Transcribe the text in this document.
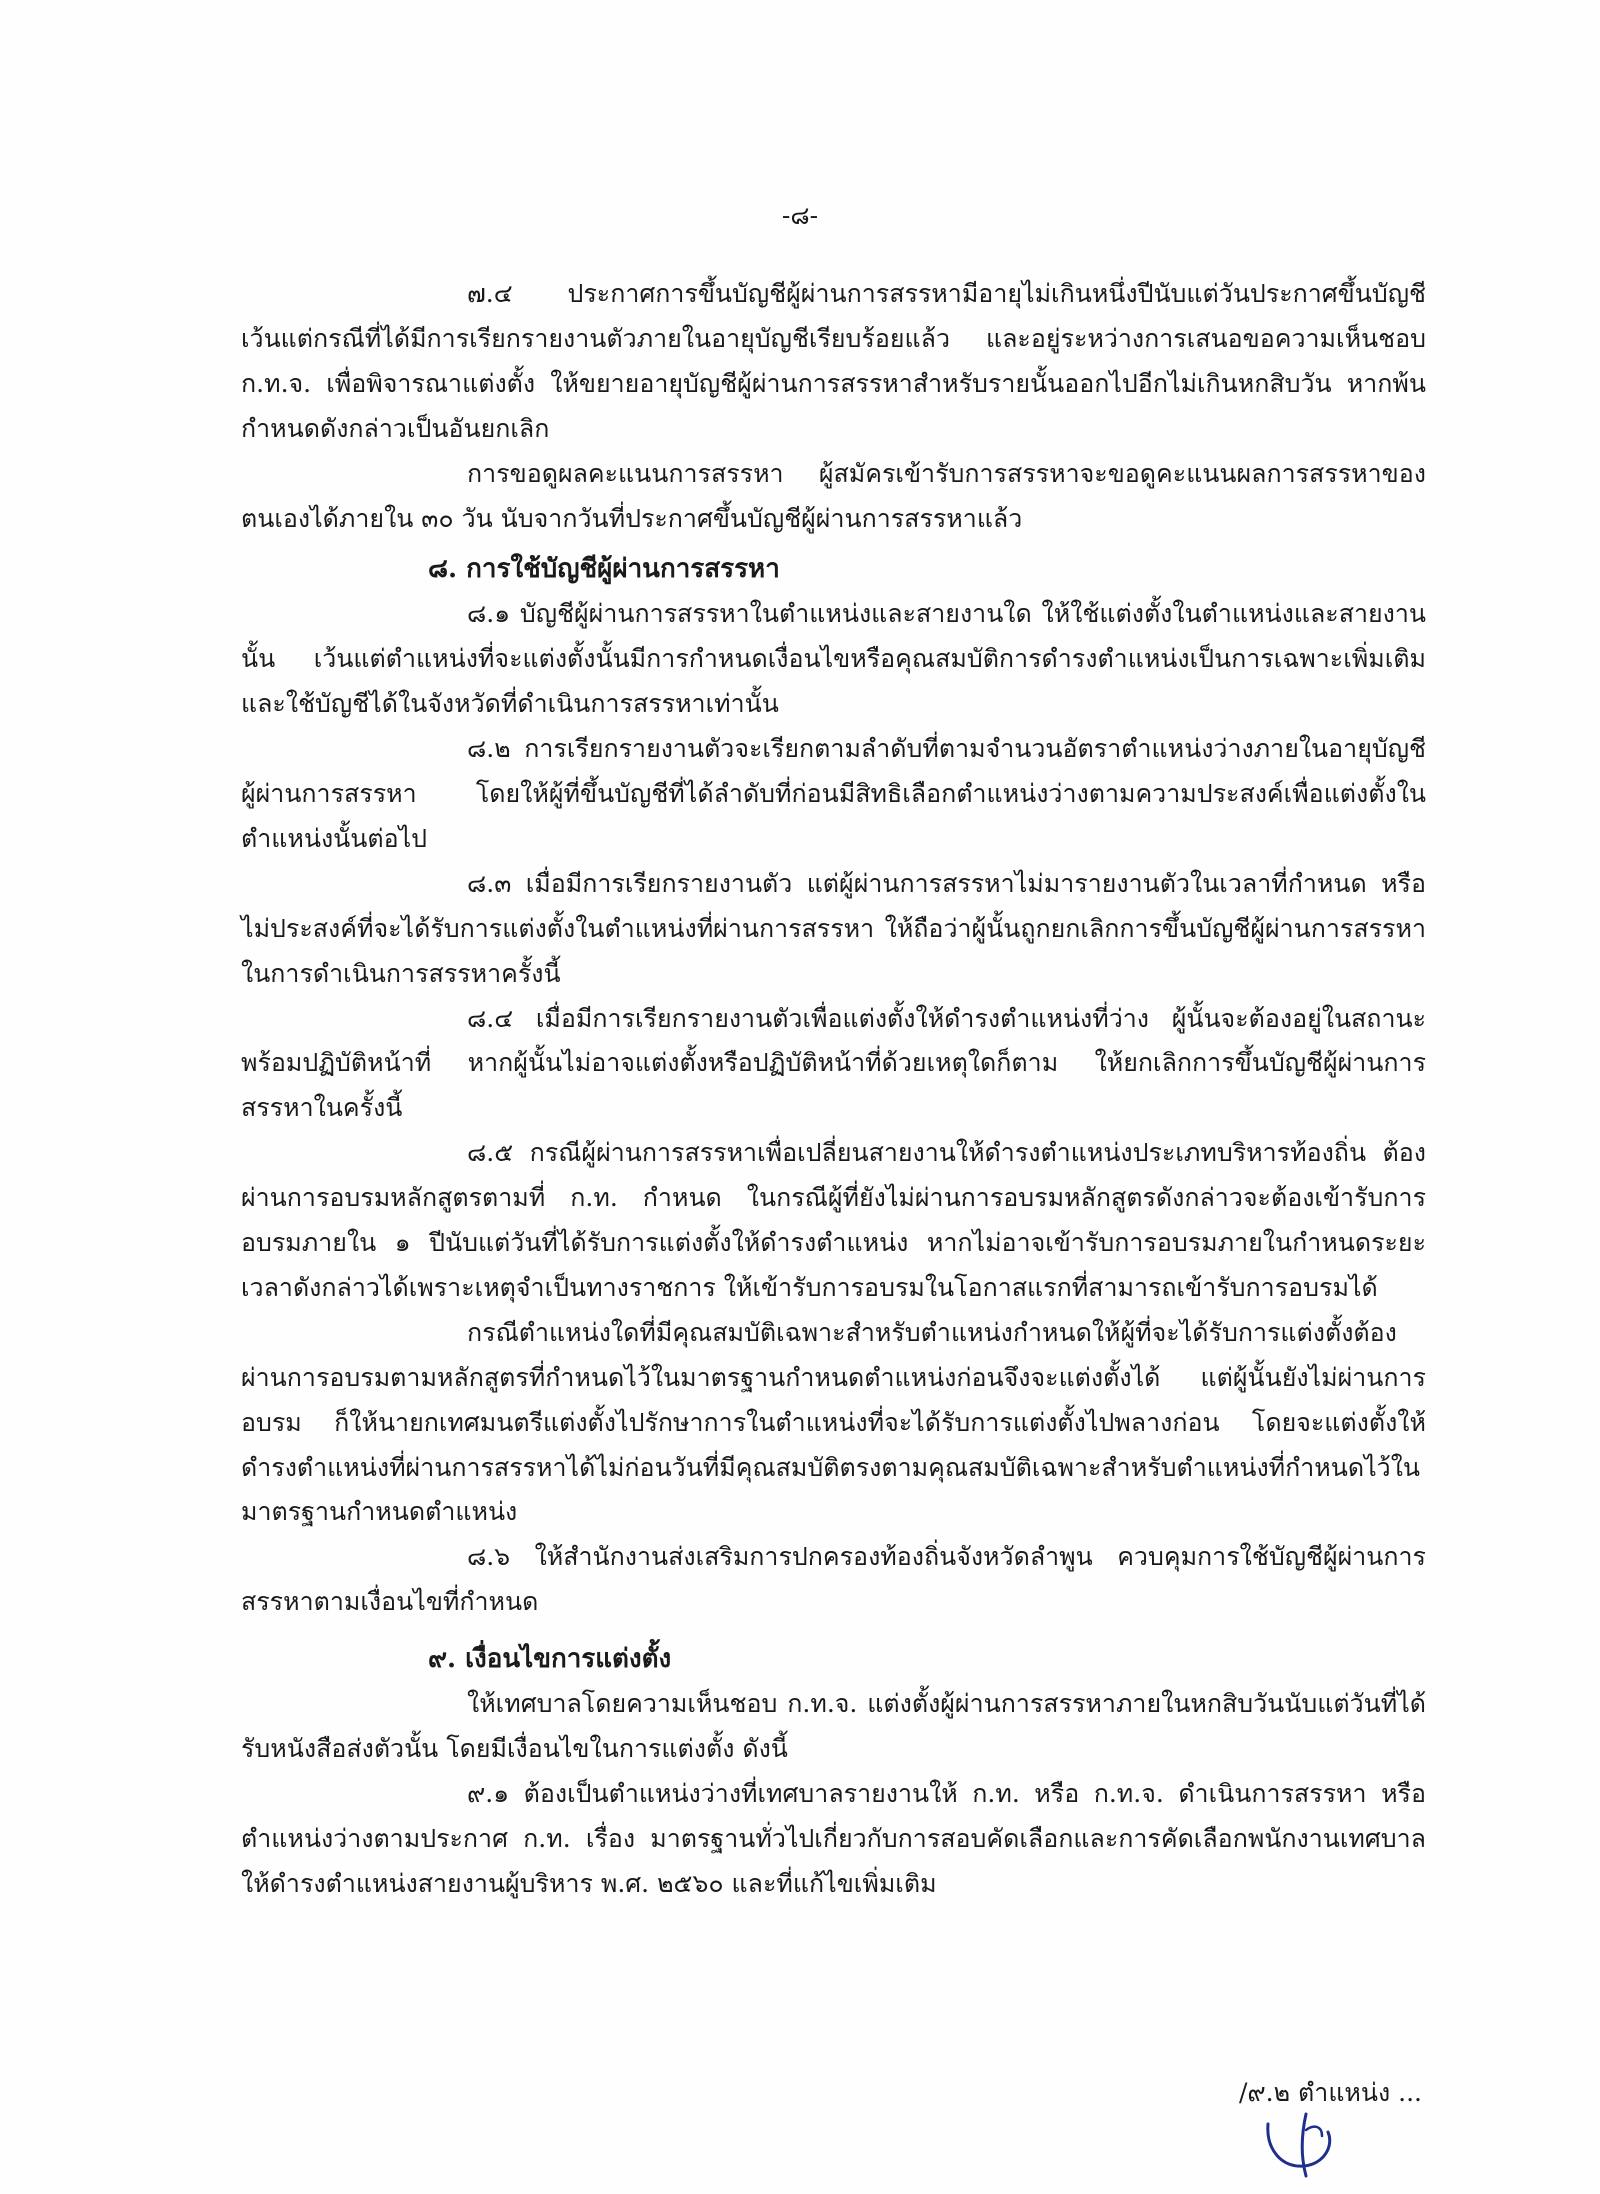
-๘-

๗.๔ ประกาศการขึ้นบัญชีผู้ผ่านการสรรหามีอายุไม่เกินหนึ่งปีนับแต่วันประกาศขึ้นบัญชี เว้นแต่กรณีที่ได้มีการเรียกรายงานตัวภายในอายุบัญชีเรียบร้อยแล้ว และอยู่ระหว่างการเสนอขอความเห็นชอบ ก.ท.จ. เพื่อพิจารณาแต่งตั้ง ให้ขยายอายุบัญชีผู้ผ่านการสรรหาสำหรับรายนั้นออกไปอีกไม่เกินหกสิบวัน หากพ้นกำหนดดังกล่าวเป็นอันยกเลิก

การขอดูผลคะแนนการสรรหา ผู้สมัครเข้ารับการสรรหาจะขอดูคะแนนผลการสรรหาของตนเองได้ภายใน ๓๐ วัน นับจากวันที่ประกาศขึ้นบัญชีผู้ผ่านการสรรหาแล้ว

๘. การใช้บัญชีผู้ผ่านการสรรหา

๘.๑ บัญชีผู้ผ่านการสรรหาในตำแหน่งและสายงานใด ให้ใช้แต่งตั้งในตำแหน่งและสายงานนั้น เว้นแต่ตำแหน่งที่จะแต่งตั้งนั้นมีการกำหนดเงื่อนไขหรือคุณสมบัติการดำรงตำแหน่งเป็นการเฉพาะเพิ่มเติม และใช้บัญชีได้ในจังหวัดที่ดำเนินการสรรหาเท่านั้น

๘.๒ การเรียกรายงานตัวจะเรียกตามลำดับที่ตามจำนวนอัตราตำแหน่งว่างภายในอายุบัญชีผู้ผ่านการสรรหา โดยให้ผู้ที่ขึ้นบัญชีที่ได้ลำดับที่ก่อนมีสิทธิเลือกตำแหน่งว่างตามความประสงค์เพื่อแต่งตั้งในตำแหน่งนั้นต่อไป

๘.๓ เมื่อมีการเรียกรายงานตัว แต่ผู้ผ่านการสรรหาไม่มารายงานตัวในเวลาที่กำหนด หรือไม่ประสงค์ที่จะได้รับการแต่งตั้งในตำแหน่งที่ผ่านการสรรหา ให้ถือว่าผู้นั้นถูกยกเลิกการขึ้นบัญชีผู้ผ่านการสรรหาในการดำเนินการสรรหาครั้งนี้

๘.๔ เมื่อมีการเรียกรายงานตัวเพื่อแต่งตั้งให้ดำรงตำแหน่งที่ว่าง ผู้นั้นจะต้องอยู่ในสถานะพร้อมปฏิบัติหน้าที่ หากผู้นั้นไม่อาจแต่งตั้งหรือปฏิบัติหน้าที่ด้วยเหตุใดก็ตาม ให้ยกเลิกการขึ้นบัญชีผู้ผ่านการสรรหาในครั้งนี้

๘.๕ กรณีผู้ผ่านการสรรหาเพื่อเปลี่ยนสายงานให้ดำรงตำแหน่งประเภทบริหารท้องถิ่น ต้องผ่านการอบรมหลักสูตรตามที่ ก.ท. กำหนด ในกรณีผู้ที่ยังไม่ผ่านการอบรมหลักสูตรดังกล่าวจะต้องเข้ารับการอบรมภายใน ๑ ปีนับแต่วันที่ได้รับการแต่งตั้งให้ดำรงตำแหน่ง หากไม่อาจเข้ารับการอบรมภายในกำหนดระยะเวลาดังกล่าวได้เพราะเหตุจำเป็นทางราชการ ให้เข้ารับการอบรมในโอกาสแรกที่สามารถเข้ารับการอบรมได้

กรณีตำแหน่งใดที่มีคุณสมบัติเฉพาะสำหรับตำแหน่งกำหนดให้ผู้ที่จะได้รับการแต่งตั้งต้องผ่านการอบรมตามหลักสูตรที่กำหนดไว้ในมาตรฐานกำหนดตำแหน่งก่อนจึงจะแต่งตั้งได้ แต่ผู้นั้นยังไม่ผ่านการอบรม ก็ให้นายกเทศมนตรีแต่งตั้งไปรักษาการในตำแหน่งที่จะได้รับการแต่งตั้งไปพลางก่อน โดยจะแต่งตั้งให้ดำรงตำแหน่งที่ผ่านการสรรหาได้ไม่ก่อนวันที่มีคุณสมบัติตรงตามคุณสมบัติเฉพาะสำหรับตำแหน่งที่กำหนดไว้ในมาตรฐานกำหนดตำแหน่ง

๘.๖ ให้สำนักงานส่งเสริมการปกครองท้องถิ่นจังหวัดลำพูน ควบคุมการใช้บัญชีผู้ผ่านการสรรหาตามเงื่อนไขที่กำหนด

๙. เงื่อนไขการแต่งตั้ง

ให้เทศบาลโดยความเห็นชอบ ก.ท.จ. แต่งตั้งผู้ผ่านการสรรหาภายในหกสิบวันนับแต่วันที่ได้รับหนังสือส่งตัวนั้น โดยมีเงื่อนไขในการแต่งตั้ง ดังนี้

๙.๑ ต้องเป็นตำแหน่งว่างที่เทศบาลรายงานให้ ก.ท. หรือ ก.ท.จ. ดำเนินการสรรหา หรือตำแหน่งว่างตามประกาศ ก.ท. เรื่อง มาตรฐานทั่วไปเกี่ยวกับการสอบคัดเลือกและการคัดเลือกพนักงานเทศบาลให้ดำรงตำแหน่งสายงานผู้บริหาร พ.ศ. ๒๕๖๐ และที่แก้ไขเพิ่มเติม

/๙.๒ ตำแหน่ง ...
